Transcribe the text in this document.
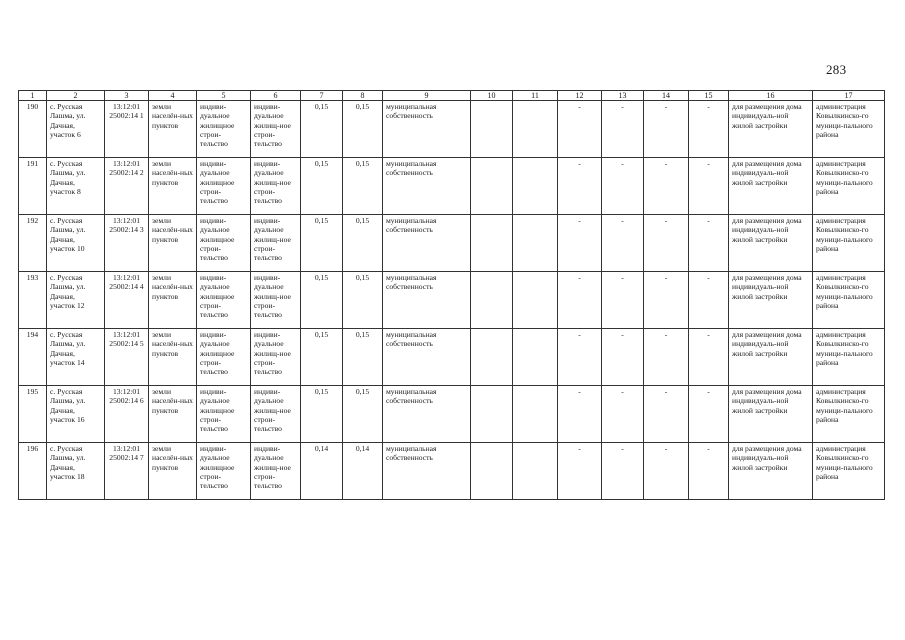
283
1	2	3	4	5	6	7	8	9	10	11	12	13	14	15	16	17
190	с. Русская Лашма, ул. Дачная, участок 6	13:12:01 25002:14 1	земли населён-ных пунктов	индиви-дуальное жилищное строи-тельство	индиви-дуальное жилищ-ное строи-тельство	0,15	0,15	муниципальная собственность			-	-	-	-	для размещения дома индивидуаль-ной жилой застройки	администрация Ковылкинско-го муници-пального района
191	с. Русская Лашма, ул. Дачная, участок 8	13:12:01 25002:14 2	земли населён-ных пунктов	индиви-дуальное жилищное строи-тельство	индиви-дуальное жилищ-ное строи-тельство	0,15	0,15	муниципальная собственность			-	-	-	-	для размещения дома индивидуаль-ной жилой застройки	администрация Ковылкинско-го муници-пального района
192	с. Русская Лашма, ул. Дачная, участок 10	13:12:01 25002:14 3	земли населён-ных пунктов	индиви-дуальное жилищное строи-тельство	индиви-дуальное жилищ-ное строи-тельство	0,15	0,15	муниципальная собственность			-	-	-	-	для размещения дома индивидуаль-ной жилой застройки	администрация Ковылкинско-го муници-пального района
193	с. Русская Лашма, ул. Дачная, участок 12	13:12:01 25002:14 4	земли населён-ных пунктов	индиви-дуальное жилищное строи-тельство	индиви-дуальное жилищ-ное строи-тельство	0,15	0,15	муниципальная собственность			-	-	-	-	для размещения дома индивидуаль-ной жилой застройки	администрация Ковылкинско-го муници-пального района
194	с. Русская Лашма, ул. Дачная, участок 14	13:12:01 25002:14 5	земли населён-ных пунктов	индиви-дуальное жилищное строи-тельство	индиви-дуальное жилищ-ное строи-тельство	0,15	0,15	муниципальная собственность			-	-	-	-	для размещения дома индивидуаль-ной жилой застройки	администрация Ковылкинско-го муници-пального района
195	с. Русская Лашма, ул. Дачная, участок 16	13:12:01 25002:14 6	земли населён-ных пунктов	индиви-дуальное жилищное строи-тельство	индиви-дуальное жилищ-ное строи-тельство	0,15	0,15	муниципальная собственность			-	-	-	-	для размещения дома индивидуаль-ной жилой застройки	администрация Ковылкинско-го муници-пального района
196	с. Русская Лашма, ул. Дачная, участок 18	13:12:01 25002:14 7	земли населён-ных пунктов	индиви-дуальное жилищное строи-тельство	индиви-дуальное жилищ-ное строи-тельство	0,14	0,14	муниципальная собственность			-	-	-	-	для размещения дома индивидуаль-ной жилой застройки	администрация Ковылкинско-го муници-пального района
